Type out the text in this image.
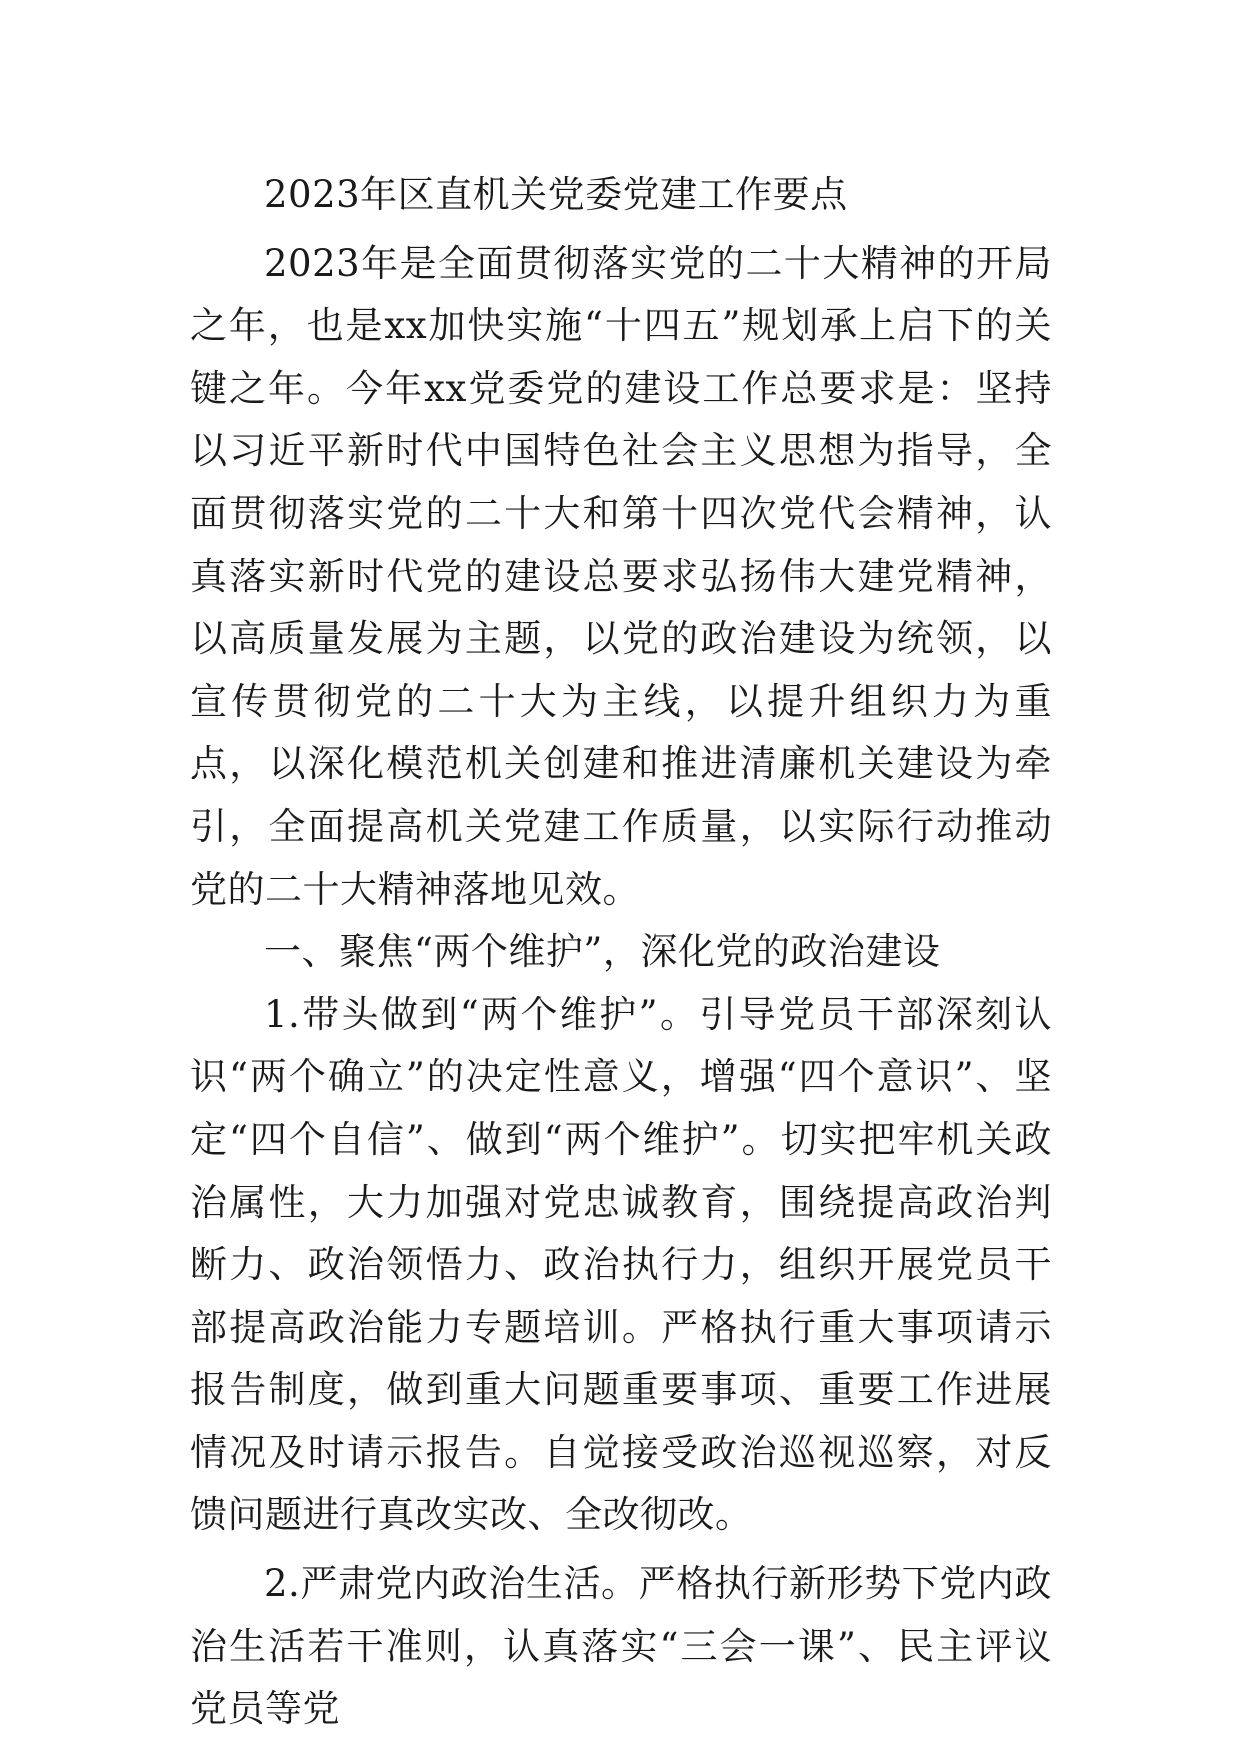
2023年区直机关党委党建工作要点

2023年是全面贯彻落实党的二十大精神的开局之年，也是xx加快实施“十四五”规划承上启下的关键之年。今年xx党委党的建设工作总要求是：坚持以习近平新时代中国特色社会主义思想为指导，全面贯彻落实党的二十大和第十四次党代会精神，认真落实新时代党的建设总要求弘扬伟大建党精神，以高质量发展为主题，以党的政治建设为统领，以宣传贯彻党的二十大为主线，以提升组织力为重点，以深化模范机关创建和推进清廉机关建设为牵引，全面提高机关党建工作质量，以实际行动推动党的二十大精神落地见效。

一、聚焦“两个维护”，深化党的政治建设

1.带头做到“两个维护”。引导党员干部深刻认识“两个确立”的决定性意义，增强“四个意识”、坚定“四个自信”、做到“两个维护”。切实把牢机关政治属性，大力加强对党忠诚教育，围绕提高政治判断力、政治领悟力、政治执行力，组织开展党员干部提高政治能力专题培训。严格执行重大事项请示报告制度，做到重大问题重要事项、重要工作进展情况及时请示报告。自觉接受政治巡视巡察，对反馈问题进行真改实改、全改彻改。

2.严肃党内政治生活。严格执行新形势下党内政治生活若干准则，认真落实“三会一课”、民主评议党员等党
